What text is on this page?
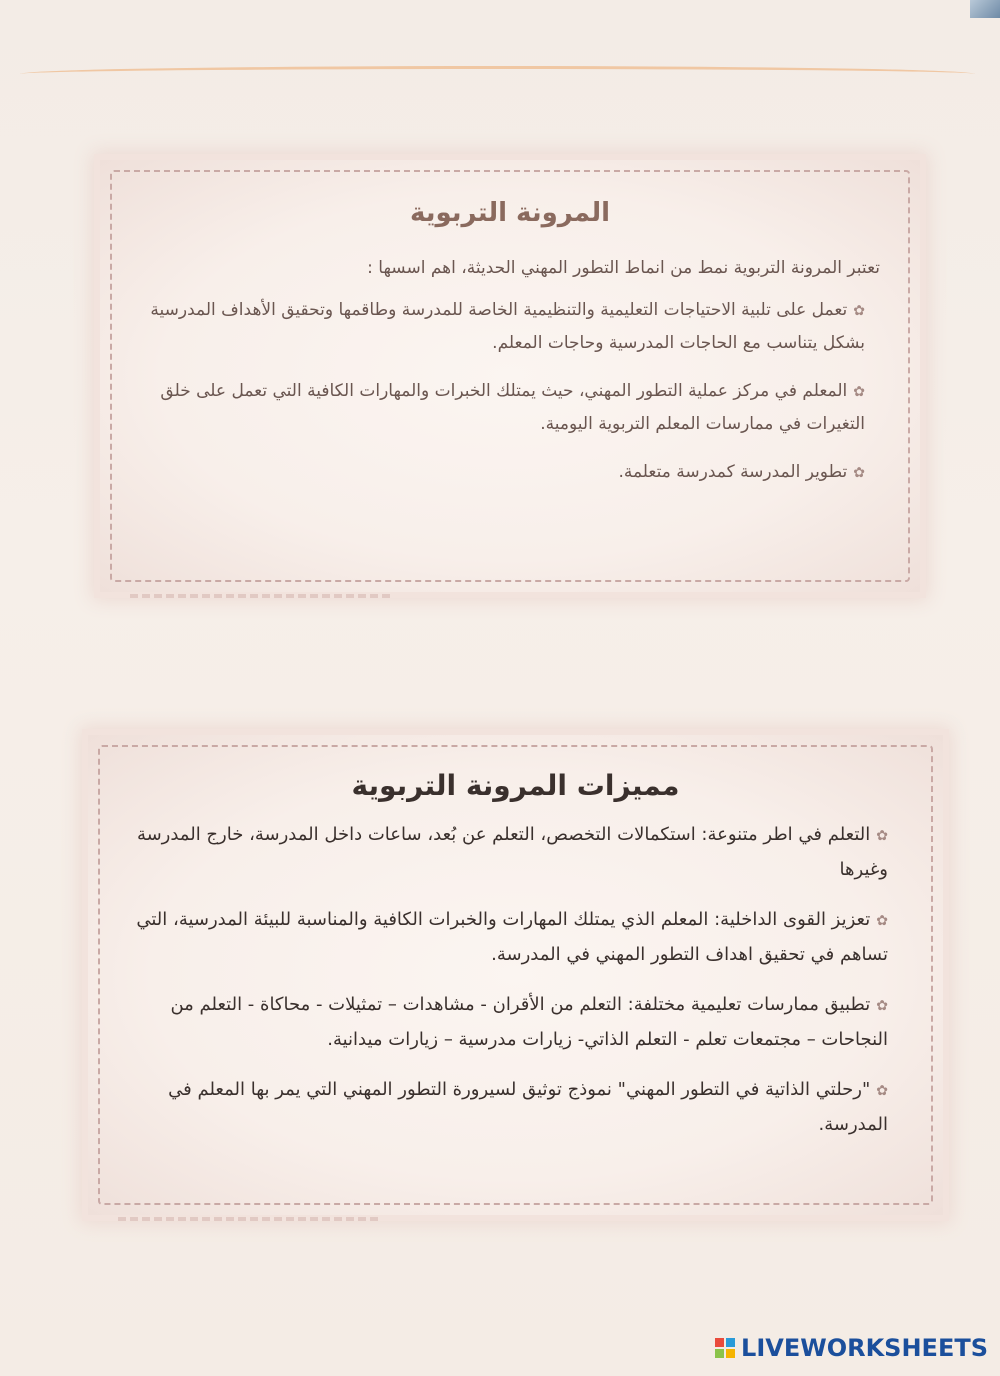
المرونة التربوية

تعتبر المرونة التربوية نمط من انماط التطور المهني الحديثة، اهم اسسها :

✿تعمل على تلبية الاحتياجات التعليمية والتنظيمية الخاصة للمدرسة وطاقمها وتحقيق الأهداف المدرسية بشكل يتناسب مع الحاجات المدرسية وحاجات المعلم.
✿المعلم في مركز عملية التطور المهني، حيث يمتلك الخبرات والمهارات الكافية التي تعمل على خلق التغيرات في ممارسات المعلم التربوية اليومية.
✿تطوير المدرسة كمدرسة متعلمة.
مميزات المرونة التربوية
✿التعلم في اطر متنوعة: استكمالات التخصص، التعلم عن بُعد، ساعات داخل المدرسة، خارج المدرسة وغيرها
✿تعزيز القوى الداخلية: المعلم الذي يمتلك المهارات والخبرات الكافية والمناسبة للبيئة المدرسية، التي تساهم في تحقيق اهداف التطور المهني في المدرسة.
✿تطبيق ممارسات تعليمية مختلفة: التعلم من الأقران - مشاهدات – تمثيلات - محاكاة - التعلم من النجاحات – مجتمعات تعلم - التعلم الذاتي- زيارات مدرسية – زيارات ميدانية.
✿"رحلتي الذاتية في التطور المهني" نموذج توثيق لسيرورة التطور المهني التي يمر بها المعلم في المدرسة.
LIVEWORKSHEETS
